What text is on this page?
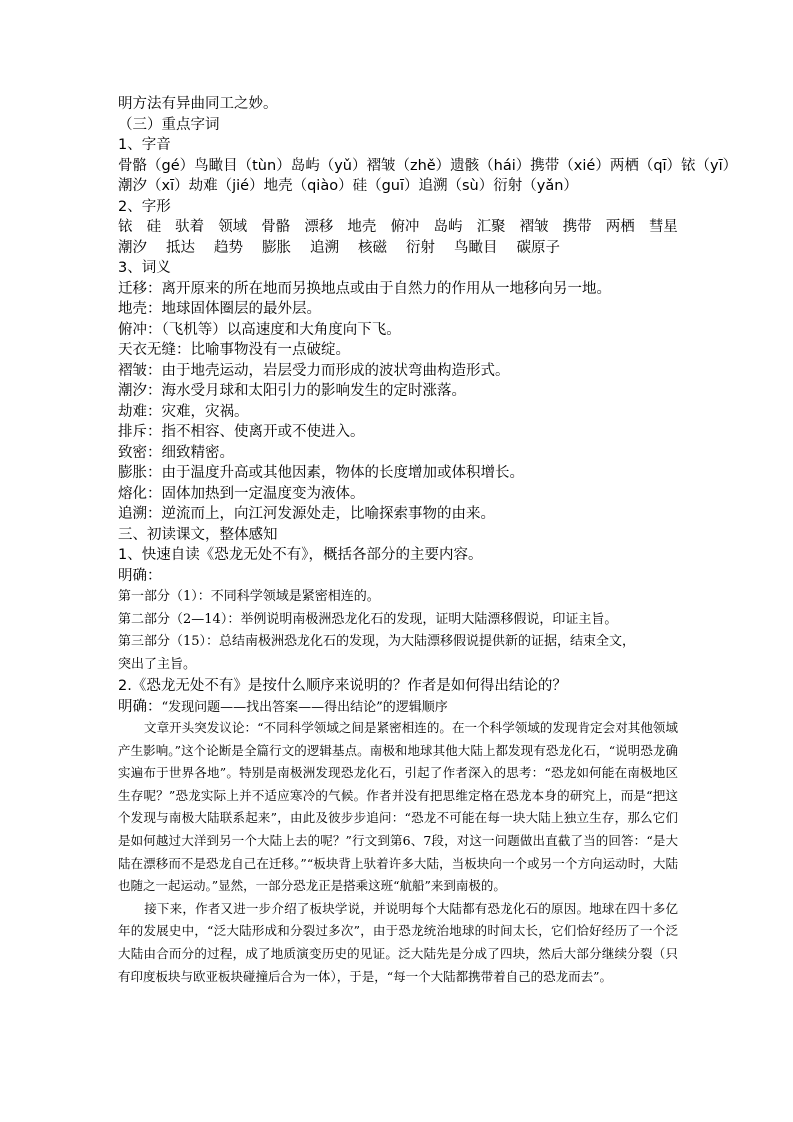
明方法有异曲同工之妙。
（三）重点字词
1、字音
骨骼（gé）鸟瞰目（tùn）岛屿（yǔ）褶皱（zhě）遗骸（hái）携带（xié）两栖（qī）铱（yī）
潮汐（xī）劫难（jié）地壳（qiào）硅（guī）追溯（sù）衍射（yǎn）
2、字形
铱 硅 驮着 领域 骨骼 漂移 地壳 俯冲 岛屿 汇聚 褶皱 携带 两栖 彗星
潮汐 抵达 趋势 膨胀 追溯 核磁 衍射 鸟瞰目 碳原子
3、词义
迁移：离开原来的所在地而另换地点或由于自然力的作用从一地移向另一地。
地壳：地球固体圈层的最外层。
俯冲：（飞机等）以高速度和大角度向下飞。
天衣无缝：比喻事物没有一点破绽。
褶皱：由于地壳运动，岩层受力而形成的波状弯曲构造形式。
潮汐：海水受月球和太阳引力的影响发生的定时涨落。
劫难：灾难，灾祸。
排斥：指不相容、使离开或不使进入。
致密：细致精密。
膨胀：由于温度升高或其他因素，物体的长度增加或体积增长。
熔化：固体加热到一定温度变为液体。
追溯：逆流而上，向江河发源处走，比喻探索事物的由来。
三、初读课文，整体感知
1、快速自读《恐龙无处不有》，概括各部分的主要内容。
明确：
第一部分（1）：不同科学领域是紧密相连的。
第二部分（2—14）：举例说明南极洲恐龙化石的发现，证明大陆漂移假说，印证主旨。
第三部分（15）：总结南极洲恐龙化石的发现，为大陆漂移假说提供新的证据，结束全文，
突出了主旨。
2.《恐龙无处不有》是按什么顺序来说明的？作者是如何得出结论的？
明确：“发现问题——找出答案——得出结论”的逻辑顺序
文章开头突发议论：“不同科学领域之间是紧密相连的。在一个科学领域的发现肯定会对其他领域产生影响。”这个论断是全篇行文的逻辑基点。南极和地球其他大陆上都发现有恐龙化石，“说明恐龙确实遍布于世界各地”。特别是南极洲发现恐龙化石，引起了作者深入的思考：“恐龙如何能在南极地区生存呢？”恐龙实际上并不适应寒冷的气候。作者并没有把思维定格在恐龙本身的研究上，而是“把这个发现与南极大陆联系起来”，由此及彼步步追问：“恐龙不可能在每一块大陆上独立生存，那么它们是如何越过大洋到另一个大陆上去的呢？”行文到第6、7段，对这一问题做出直截了当的回答：“是大陆在漂移而不是恐龙自己在迁移。”“板块背上驮着许多大陆，当板块向一个或另一个方向运动时，大陆也随之一起运动。”显然，一部分恐龙正是搭乘这班“航船”来到南极的。
接下来，作者又进一步介绍了板块学说，并说明每个大陆都有恐龙化石的原因。地球在四十多亿年的发展史中，“泛大陆形成和分裂过多次”，由于恐龙统治地球的时间太长，它们恰好经历了一个泛大陆由合而分的过程，成了地质演变历史的见证。泛大陆先是分成了四块，然后大部分继续分裂（只有印度板块与欧亚板块碰撞后合为一体），于是，“每一个大陆都携带着自己的恐龙而去”。
